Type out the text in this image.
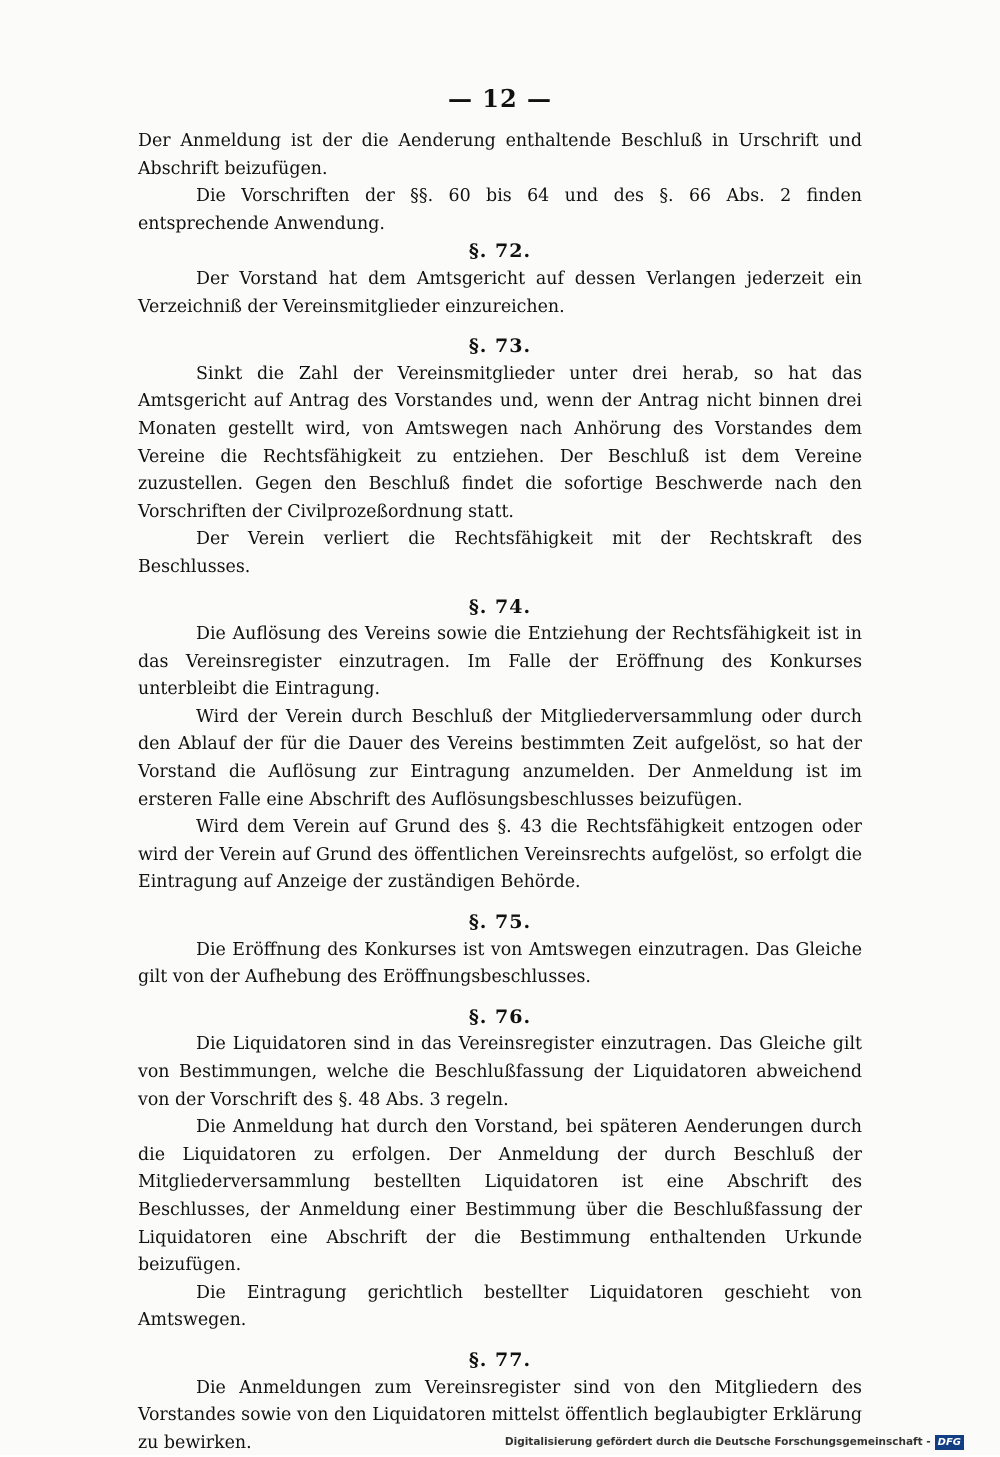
— 12 —

Der Anmeldung ist der die Aenderung enthaltende Beschluß in Urschrift und Abschrift beizufügen.

Die Vorschriften der §§. 60 bis 64 und des §. 66 Abs. 2 finden entsprechende Anwendung.

§. 72.

Der Vorstand hat dem Amtsgericht auf dessen Verlangen jederzeit ein Verzeichniß der Vereinsmitglieder einzureichen.

§. 73.

Sinkt die Zahl der Vereinsmitglieder unter drei herab, so hat das Amtsgericht auf Antrag des Vorstandes und, wenn der Antrag nicht binnen drei Monaten gestellt wird, von Amtswegen nach Anhörung des Vorstandes dem Vereine die Rechtsfähigkeit zu entziehen. Der Beschluß ist dem Vereine zuzustellen. Gegen den Beschluß findet die sofortige Beschwerde nach den Vorschriften der Civilprozeßordnung statt.

Der Verein verliert die Rechtsfähigkeit mit der Rechtskraft des Beschlusses.

§. 74.

Die Auflösung des Vereins sowie die Entziehung der Rechtsfähigkeit ist in das Vereinsregister einzutragen. Im Falle der Eröffnung des Konkurses unterbleibt die Eintragung.

Wird der Verein durch Beschluß der Mitgliederversammlung oder durch den Ablauf der für die Dauer des Vereins bestimmten Zeit aufgelöst, so hat der Vorstand die Auflösung zur Eintragung anzumelden. Der Anmeldung ist im ersteren Falle eine Abschrift des Auflösungsbeschlusses beizufügen.

Wird dem Verein auf Grund des §. 43 die Rechtsfähigkeit entzogen oder wird der Verein auf Grund des öffentlichen Vereinsrechts aufgelöst, so erfolgt die Eintragung auf Anzeige der zuständigen Behörde.

§. 75.

Die Eröffnung des Konkurses ist von Amtswegen einzutragen. Das Gleiche gilt von der Aufhebung des Eröffnungsbeschlusses.

§. 76.

Die Liquidatoren sind in das Vereinsregister einzutragen. Das Gleiche gilt von Bestimmungen, welche die Beschlußfassung der Liquidatoren abweichend von der Vorschrift des §. 48 Abs. 3 regeln.

Die Anmeldung hat durch den Vorstand, bei späteren Aenderungen durch die Liquidatoren zu erfolgen. Der Anmeldung der durch Beschluß der Mitgliederversammlung bestellten Liquidatoren ist eine Abschrift des Beschlusses, der Anmeldung einer Bestimmung über die Beschlußfassung der Liquidatoren eine Abschrift der die Bestimmung enthaltenden Urkunde beizufügen.

Die Eintragung gerichtlich bestellter Liquidatoren geschieht von Amtswegen.

§. 77.

Die Anmeldungen zum Vereinsregister sind von den Mitgliedern des Vorstandes sowie von den Liquidatoren mittelst öffentlich beglaubigter Erklärung zu bewirken.	Digitalisierung gefördert durch die Deutsche Forschungsgemeinschaft - DFG
